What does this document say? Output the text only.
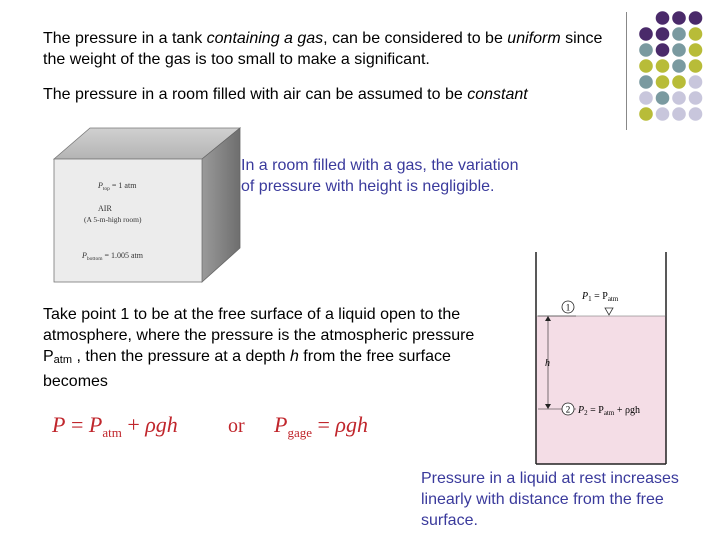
The pressure in a tank containing a gas, can be considered to be uniform since the weight of the gas is too small to make a significant.
The pressure in a room filled with air can be assumed to be constant
$P_{top} = 1$ atm
AIR
(A 5-m-high room)
$P_{bottom} = 1.005$ atm
In a room filled with a gas, the variation of pressure with height is negligible.
Take point 1 to be at the free surface of a liquid open to the atmosphere, where the pressure is the atmospheric pressure $P_{atm}$ , then the pressure at a depth h from the free surface becomes
1
$P_1 = P_{atm}$
h
2 $P_2 = P_{atm} + \rho gh$
$P = P_{atm} + \rho gh$	or $P_{gage} = \rho gh$
Pressure in a liquid at rest increases linearly with distance from the free surface.
